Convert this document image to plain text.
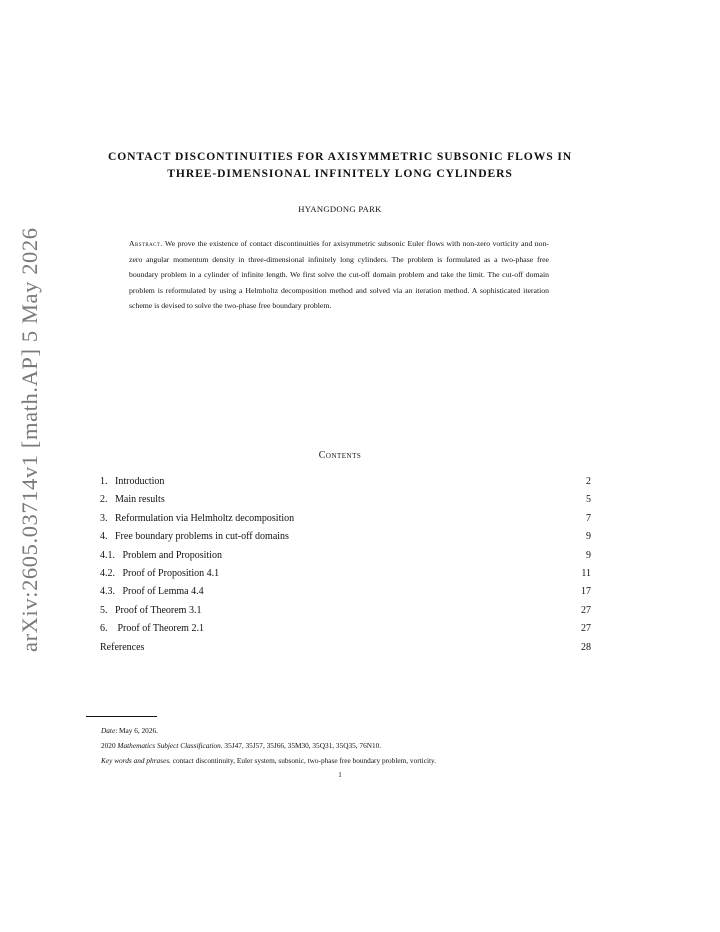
arXiv:2605.03714v1 [math.AP] 5 May 2026
CONTACT DISCONTINUITIES FOR AXISYMMETRIC SUBSONIC FLOWS IN
THREE-DIMENSIONAL INFINITELY LONG CYLINDERS
HYANGDONG PARK
Abstract. We prove the existence of contact discontinuities for axisymmetric subsonic Euler flows with non-zero vorticity and non-zero angular momentum density in three-dimensional infinitely long cylinders. The problem is formulated as a two-phase free boundary problem in a cylinder of infinite length. We first solve the cut-off domain problem and take the limit. The cut-off domain problem is reformulated by using a Helmholtz decomposition method and solved via an iteration method. A sophisticated iteration scheme is devised to solve the two-phase free boundary problem.
Contents
1. Introduction	2
2. Main results	5
3. Reformulation via Helmholtz decomposition	7
4. Free boundary problems in cut-off domains	9
4.1. Problem and Proposition	9
4.2. Proof of Proposition 4.1	11
4.3. Proof of Lemma 4.4	17
5. Proof of Theorem 3.1	27
6. Proof of Theorem 2.1	27
References	28
Date: May 6, 2026.
2020 Mathematics Subject Classification. 35J47, 35J57, 35J66, 35M30, 35Q31, 35Q35, 76N10.
Key words and phrases. contact discontinuity, Euler system, subsonic, two-phase free boundary problem, vorticity.
1
